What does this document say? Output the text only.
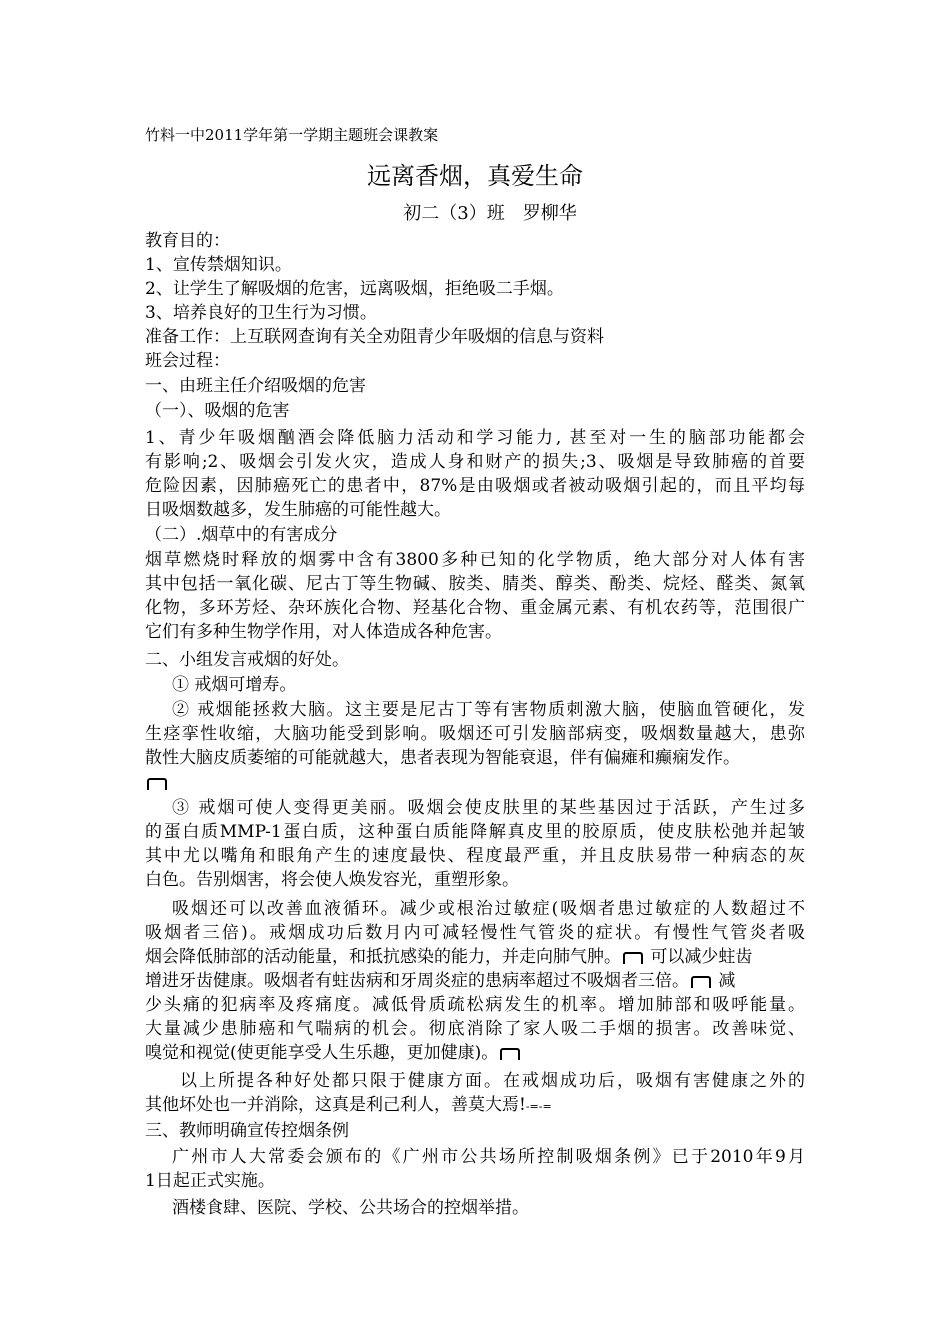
竹料一中2011学年第一学期主题班会课教案
远离香烟，真爱生命
初二（3）班　罗柳华
教育目的：
1、宣传禁烟知识。
2、让学生了解吸烟的危害，远离吸烟，拒绝吸二手烟。
3、培养良好的卫生行为习惯。
准备工作：上互联网查询有关全劝阻青少年吸烟的信息与资料
班会过程：
一、由班主任介绍吸烟的危害
（一）、吸烟的危害
1、青少年吸烟酗酒会降低脑力活动和学习能力, 甚至对一生的脑部功能都会
有影响;2、吸烟会引发火灾，造成人身和财产的损失;3、吸烟是导致肺癌的首要
危险因素，因肺癌死亡的患者中，87%是由吸烟或者被动吸烟引起的，而且平均每
日吸烟数越多，发生肺癌的可能性越大。
（二）.烟草中的有害成分
烟草燃烧时释放的烟雾中含有3800多种已知的化学物质，绝大部分对人体有害
其中包括一氧化碳、尼古丁等生物碱、胺类、腈类、醇类、酚类、烷烃、醛类、氮氧
化物，多环芳烃、杂环族化合物、羟基化合物、重金属元素、有机农药等，范围很广
它们有多种生物学作用，对人体造成各种危害。
二、小组发言戒烟的好处。
① 戒烟可增寿。
② 戒烟能拯救大脑。这主要是尼古丁等有害物质刺激大脑，使脑血管硬化，发
生痉挛性收缩，大脑功能受到影响。吸烟还可引发脑部病变，吸烟数量越大，患弥
散性大脑皮质萎缩的可能就越大，患者表现为智能衰退，伴有偏瘫和癫痫发作。
③ 戒烟可使人变得更美丽。吸烟会使皮肤里的某些基因过于活跃，产生过多
的蛋白质MMP-1蛋白质，这种蛋白质能降解真皮里的胶原质，使皮肤松弛并起皱
其中尤以嘴角和眼角产生的速度最快、程度最严重，并且皮肤易带一种病态的灰
白色。告别烟害，将会使人焕发容光，重塑形象。
吸烟还可以改善血液循环。减少或根治过敏症(吸烟者患过敏症的人数超过不
吸烟者三倍)。戒烟成功后数月内可减轻慢性气管炎的症状。有慢性气管炎者吸
烟会降低肺部的活动能量，和抵抗感染的能力，并走向肺气肿。 可以减少蛀齿
增进牙齿健康。吸烟者有蛀齿病和牙周炎症的患病率超过不吸烟者三倍。 减
少头痛的犯病率及疼痛度。减低骨质疏松病发生的机率。增加肺部和吸呼能量。
大量减少患肺癌和气喘病的机会。彻底消除了家人吸二手烟的损害。改善味觉、
嗅觉和视觉(使更能享受人生乐趣，更加健康)。
以上所提各种好处都只限于健康方面。在戒烟成功后，吸烟有害健康之外的
其他坏处也一并消除，这真是利己利人，善莫大焉!-=-=
三、教师明确宣传控烟条例
广州市人大常委会颁布的《广州市公共场所控制吸烟条例》已于2010年9月
1日起正式实施。
酒楼食肆、医院、学校、公共场合的控烟举措。
